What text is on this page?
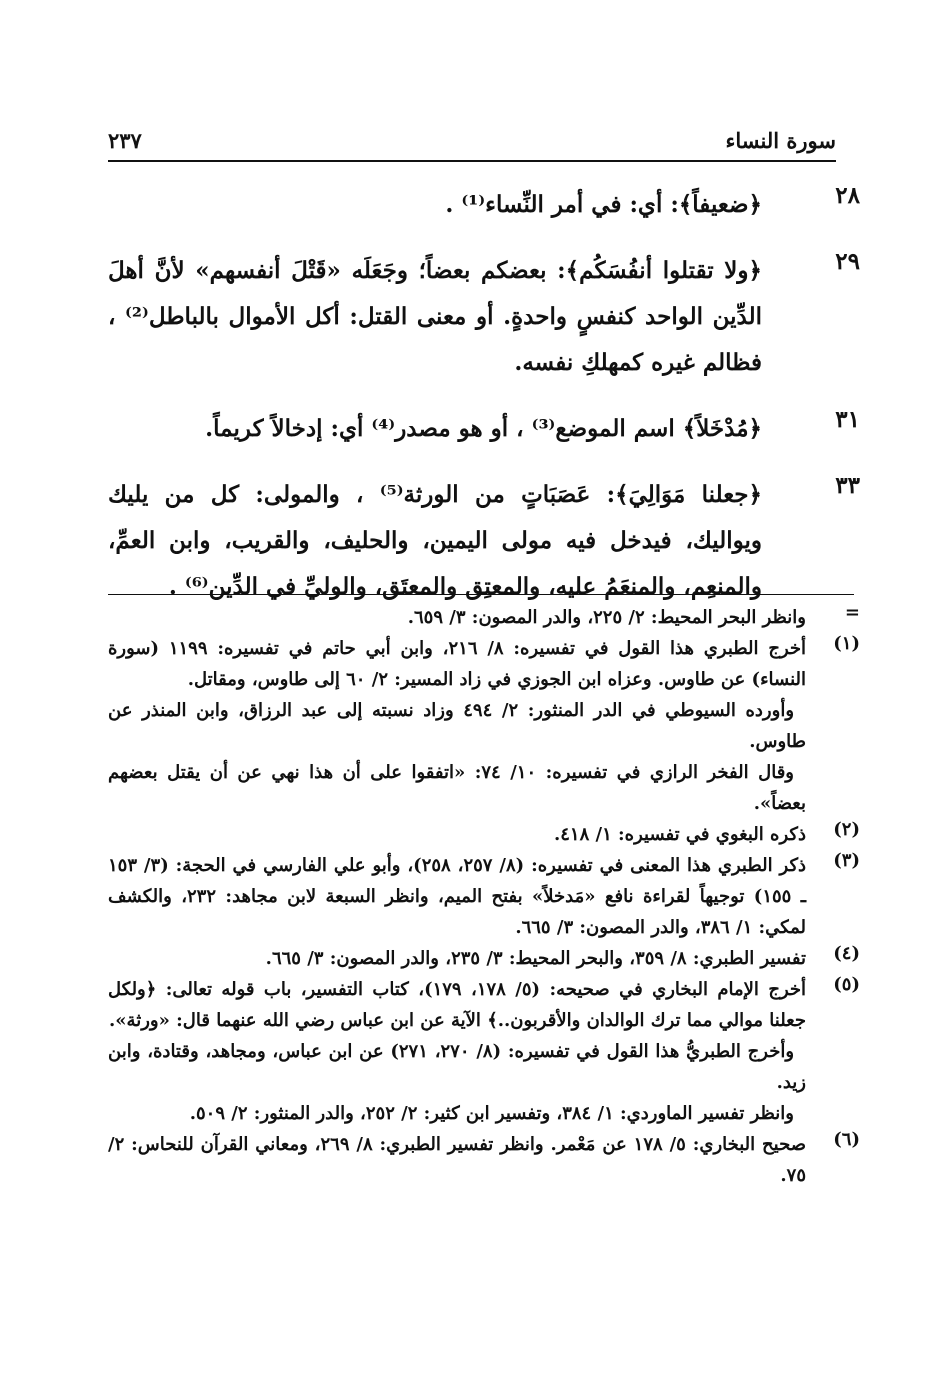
سورة النساء
٢٣٧
٢٨
﴿ضعيفاً﴾: أي: في أمر النِّساء⁽¹⁾ .
٢٩
﴿ولا تقتلوا أنفُسَكُم﴾: بعضكم بعضاً؛ وجَعَلَه «قَتْلَ أنفسهم» لأنَّ أهلَ الدِّين الواحد كنفسٍ واحدةٍ. أو معنى القتل: أكل الأموال بالباطل⁽²⁾ ، فظالم غيره كمهلكِ نفسه.
٣١
﴿مُدْخَلاً﴾ اسم الموضع⁽³⁾ ، أو هو مصدر⁽⁴⁾ أي: إدخالاً كريماً.
٣٣
﴿جعلنا مَوَالِيَ﴾: عَصَبَاتٍ من الورثة⁽⁵⁾ ، والمولى: كل من يليك ويواليك، فيدخل فيه مولى اليمين، والحليف، والقريب، وابن العمِّ، والمنعِم، والمنعَمُ عليه، والمعتِق والمعتَق، والوليِّ في الدِّين⁽⁶⁾ .
=
وانظر البحر المحيط: ٢/ ٢٢٥، والدر المصون: ٣/ ٦٥٩.
(١)
أخرج الطبري هذا القول في تفسيره: ٨/ ٢١٦، وابن أبي حاتم في تفسيره: ١١٩٩ (سورة النساء) عن طاوس. وعزاه ابن الجوزي في زاد المسير: ٢/ ٦٠ إلى طاوس، ومقاتل.
وأورده السيوطي في الدر المنثور: ٢/ ٤٩٤ وزاد نسبته إلى عبد الرزاق، وابن المنذر عن طاوس.
وقال الفخر الرازي في تفسيره: ١٠/ ٧٤: «اتفقوا على أن هذا نهي عن أن يقتل بعضهم بعضاً».
(٢)
ذكره البغوي في تفسيره: ١/ ٤١٨.
(٣)
ذكر الطبري هذا المعنى في تفسيره: (٨/ ٢٥٧، ٢٥٨)، وأبو علي الفارسي في الحجة: (٣/ ١٥٣ ـ ١٥٥) توجيهاً لقراءة نافع «مَدخلاً» بفتح الميم، وانظر السبعة لابن مجاهد: ٢٣٢، والكشف لمكي: ١/ ٣٨٦، والدر المصون: ٣/ ٦٦٥.
(٤)
تفسير الطبري: ٨/ ٣٥٩، والبحر المحيط: ٣/ ٢٣٥، والدر المصون: ٣/ ٦٦٥.
(٥)
أخرج الإمام البخاري في صحيحه: (٥/ ١٧٨، ١٧٩)، كتاب التفسير، باب قوله تعالى: ﴿ولكل جعلنا موالي مما ترك الوالدان والأقربون..﴾ الآية عن ابن عباس رضي الله عنهما قال: «ورثة».
وأخرج الطبريُّ هذا القول في تفسيره: (٨/ ٢٧٠، ٢٧١) عن ابن عباس، ومجاهد، وقتادة، وابن زيد.
وانظر تفسير الماوردي: ١/ ٣٨٤، وتفسير ابن كثير: ٢/ ٢٥٢، والدر المنثور: ٢/ ٥٠٩.
(٦)
صحيح البخاري: ٥/ ١٧٨ عن مَعْمر. وانظر تفسير الطبري: ٨/ ٢٦٩، ومعاني القرآن للنحاس: ٢/ ٧٥.
